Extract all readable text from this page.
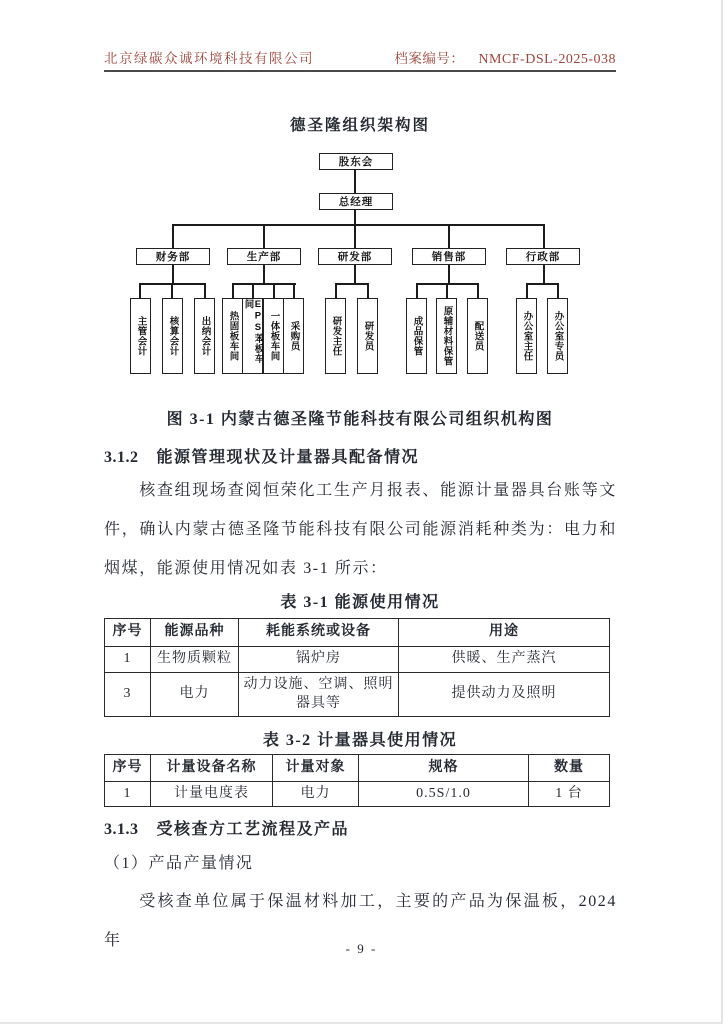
北京绿碳众诚环境科技有限公司	档案编号： NMCF-DSL-2025-038
德圣隆组织架构图
股东会
总经理
财务部	生产部	研发部	销售部	行政部
主管会计	核算会计	出纳会计	热固板车间	EPS苯板车间
一体板车间 采购员	研发主任	研发员	成品保管	原辅材料保管	配送员	办公室主任	办公室专员
图 3-1 内蒙古德圣隆节能科技有限公司组织机构图
3.1.2 能源管理现状及计量器具配备情况

核查组现场查阅恒荣化工生产月报表、能源计量器具台账等文件，确认内蒙古德圣隆节能科技有限公司能源消耗种类为：电力和烟煤，能源使用情况如表 3-1 所示：

表 3-1 能源使用情况
序号	能源品种	耗能系统或设备	用途
1	生物质颗粒	锅炉房	供暖、生产蒸汽
3	电力	动力设施、空调、照明器具等	提供动力及照明
表 3-2 计量器具使用情况
序号	计量设备名称	计量对象	规格	数量
1	计量电度表	电力	0.5S/1.0	1 台
3.1.3 受核查方工艺流程及产品
（1）产品产量情况

受核查单位属于保温材料加工，主要的产品为保温板，2024 年	- 9 -
